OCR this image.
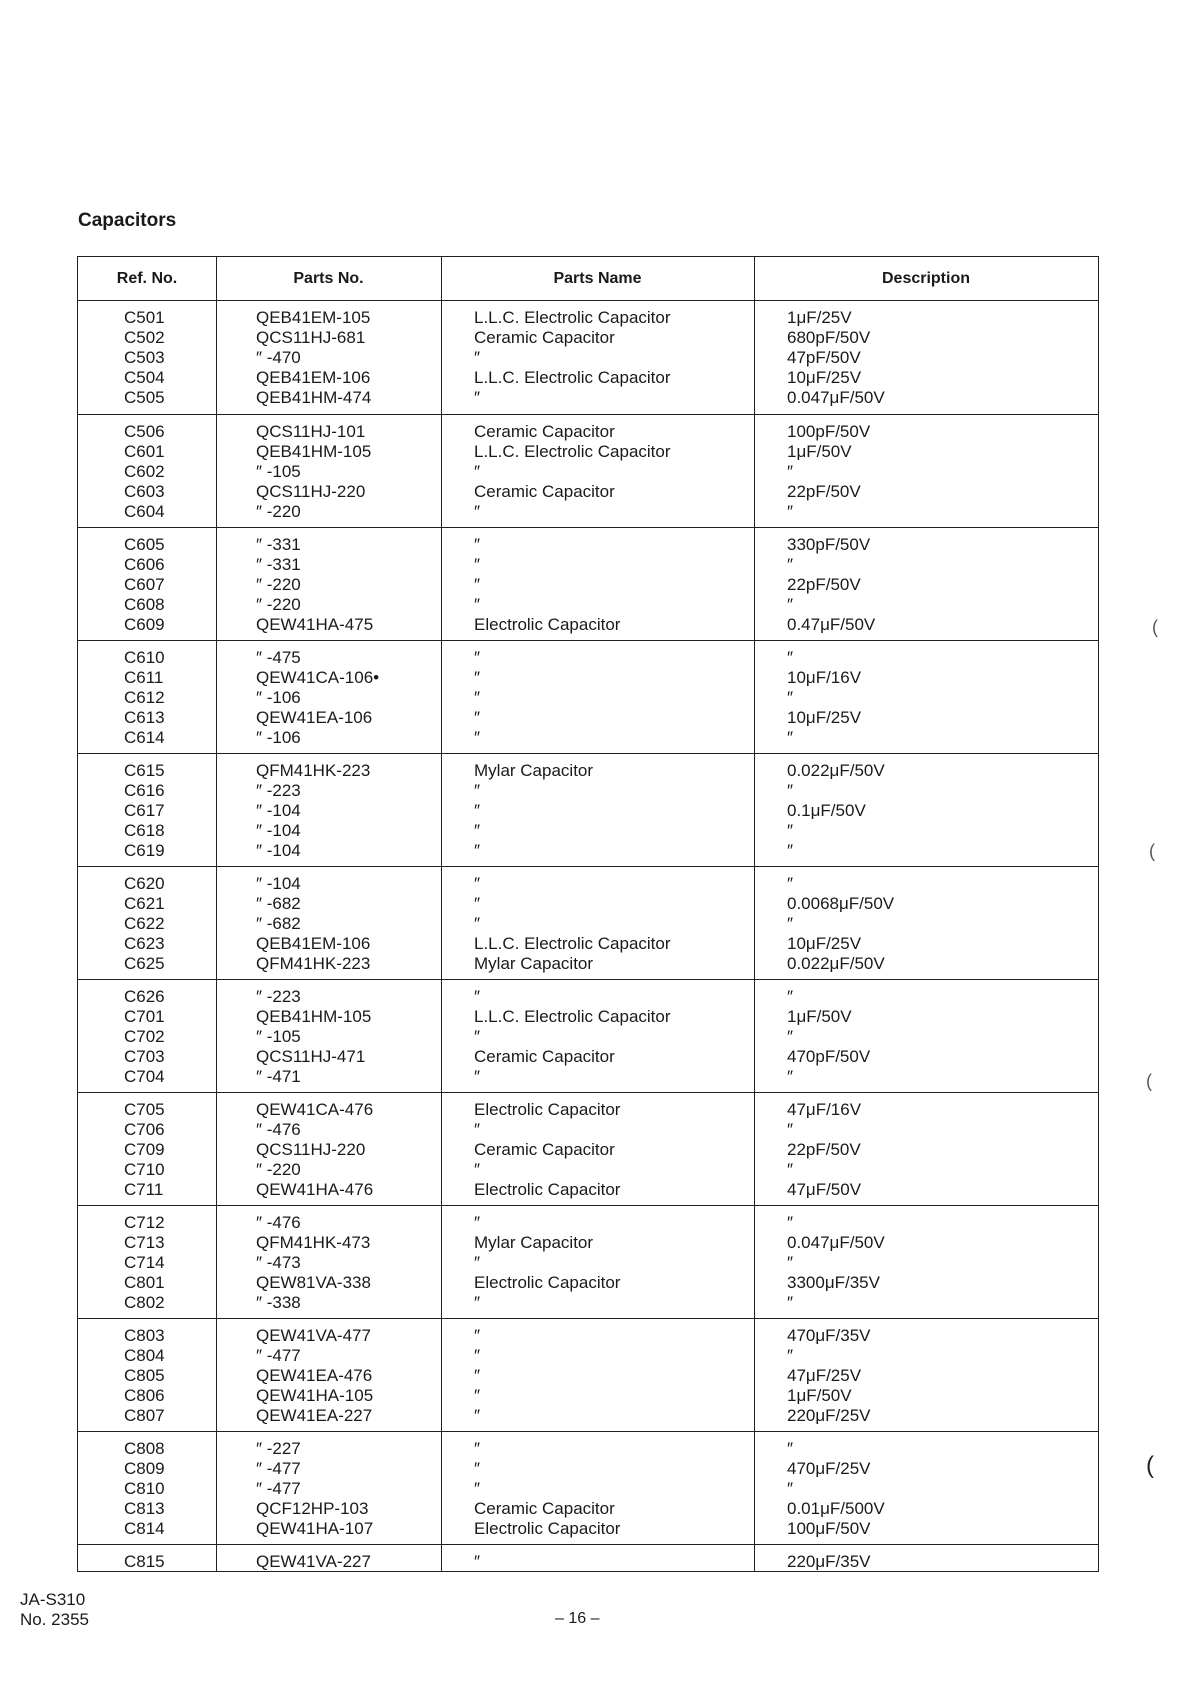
Capacitors
Ref. No.	Parts No.	Parts Name	Description
C501	QEB41EM-105	L.L.C. Electrolic Capacitor	1μF/25V
C502	QCS11HJ-681	Ceramic Capacitor	680pF/50V
C503	″ -470	″	47pF/50V
C504	QEB41EM-106	L.L.C. Electrolic Capacitor	10μF/25V
C505	QEB41HM-474	″	0.047μF/50V
C506	QCS11HJ-101	Ceramic Capacitor	100pF/50V
C601	QEB41HM-105	L.L.C. Electrolic Capacitor	1μF/50V
C602	″ -105	″	″
C603	QCS11HJ-220	Ceramic Capacitor	22pF/50V
C604	″ -220	″	″
C605	″ -331	″	330pF/50V
C606	″ -331	″	″
C607	″ -220	″	22pF/50V
C608	″ -220	″	″
C609	QEW41HA-475	Electrolic Capacitor	0.47μF/50V
C610	″ -475	″	″
C611	QEW41CA-106•	″	10μF/16V
C612	″ -106	″	″
C613	QEW41EA-106	″	10μF/25V
C614	″ -106	″	″
C615	QFM41HK-223	Mylar Capacitor	0.022μF/50V
C616	″ -223	″	″
C617	″ -104	″	0.1μF/50V
C618	″ -104	″	″
C619	″ -104	″	″
C620	″ -104	″	″
C621	″ -682	″	0.0068μF/50V
C622	″ -682	″	″
C623	QEB41EM-106	L.L.C. Electrolic Capacitor	10μF/25V
C625	QFM41HK-223	Mylar Capacitor	0.022μF/50V
C626	″ -223	″	″
C701	QEB41HM-105	L.L.C. Electrolic Capacitor	1μF/50V
C702	″ -105	″	″
C703	QCS11HJ-471	Ceramic Capacitor	470pF/50V
C704	″ -471	″	″
C705	QEW41CA-476	Electrolic Capacitor	47μF/16V
C706	″ -476	″	″
C709	QCS11HJ-220	Ceramic Capacitor	22pF/50V
C710	″ -220	″	″
C711	QEW41HA-476	Electrolic Capacitor	47μF/50V
C712	″ -476	″	″
C713	QFM41HK-473	Mylar Capacitor	0.047μF/50V
C714	″ -473	″	″
C801	QEW81VA-338	Electrolic Capacitor	3300μF/35V
C802	″ -338	″	″
C803	QEW41VA-477	″	470μF/35V
C804	″ -477	″	″
C805	QEW41EA-476	″	47μF/25V
C806	QEW41HA-105	″	1μF/50V
C807	QEW41EA-227	″	220μF/25V
C808	″ -227	″	″
C809	″ -477	″	470μF/25V
C810	″ -477	″	″
C813	QCF12HP-103	Ceramic Capacitor	0.01μF/500V
C814	QEW41HA-107	Electrolic Capacitor	100μF/50V
C815	QEW41VA-227	″	220μF/35V
JA-S310
No. 2355	– 16 –
(
(
(
(
